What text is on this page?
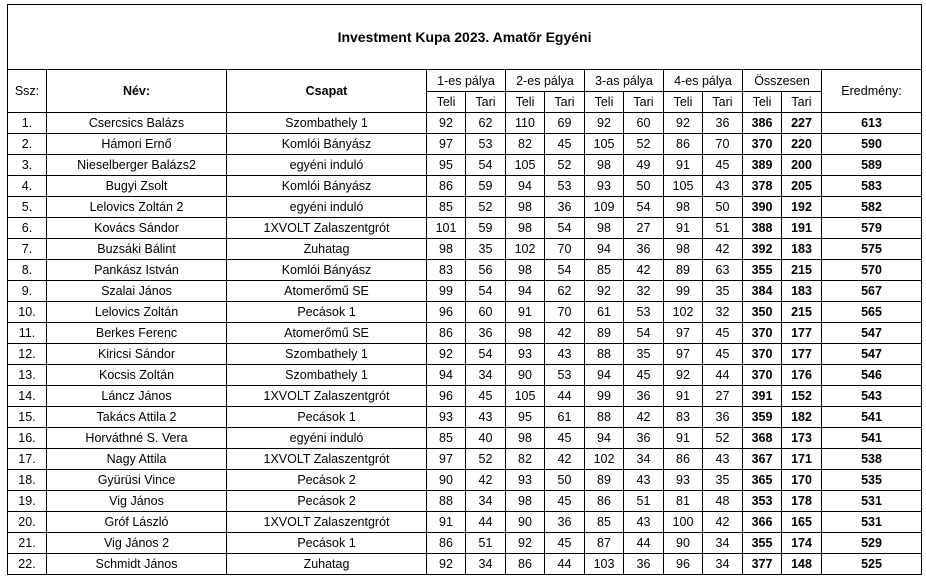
Investment Kupa 2023. Amatőr Egyéni													
Ssz:	Név:	Csapat	1-es pálya		2-es pálya		3-as pálya		4-es pálya		Összesen		Eredmény:
			Teli	Tari	Teli	Tari	Teli	Tari	Teli	Tari	Teli	Tari	
1.	Csercsics Balázs	Szombathely 1	92	62	110	69	92	60	92	36	386	227	613
2.	Hámori Ernő	Komlói Bányász	97	53	82	45	105	52	86	70	370	220	590
3.	Nieselberger Balázs2	egyéni induló	95	54	105	52	98	49	91	45	389	200	589
4.	Bugyi Zsolt	Komlói Bányász	86	59	94	53	93	50	105	43	378	205	583
5.	Lelovics Zoltán 2	egyéni induló	85	52	98	36	109	54	98	50	390	192	582
6.	Kovács Sándor	1XVOLT Zalaszentgrót	101	59	98	54	98	27	91	51	388	191	579
7.	Buzsáki Bálint	Zuhatag	98	35	102	70	94	36	98	42	392	183	575
8.	Pankász István	Komlói Bányász	83	56	98	54	85	42	89	63	355	215	570
9.	Szalai János	Atomerőmű SE	99	54	94	62	92	32	99	35	384	183	567
10.	Lelovics Zoltán	Pecások 1	96	60	91	70	61	53	102	32	350	215	565
11.	Berkes Ferenc	Atomerőmű SE	86	36	98	42	89	54	97	45	370	177	547
12.	Kiricsi Sándor	Szombathely 1	92	54	93	43	88	35	97	45	370	177	547
13.	Kocsis Zoltán	Szombathely 1	94	34	90	53	94	45	92	44	370	176	546
14.	Láncz János	1XVOLT Zalaszentgrót	96	45	105	44	99	36	91	27	391	152	543
15.	Takács Attila 2	Pecások 1	93	43	95	61	88	42	83	36	359	182	541
16.	Horváthné S. Vera	egyéni induló	85	40	98	45	94	36	91	52	368	173	541
17.	Nagy Attila	1XVOLT Zalaszentgrót	97	52	82	42	102	34	86	43	367	171	538
18.	Gyürüsi Vince	Pecások 2	90	42	93	50	89	43	93	35	365	170	535
19.	Vig János	Pecások 2	88	34	98	45	86	51	81	48	353	178	531
20.	Gróf László	1XVOLT Zalaszentgrót	91	44	90	36	85	43	100	42	366	165	531
21.	Vig János 2	Pecások 1	86	51	92	45	87	44	90	34	355	174	529
22.	Schmidt János	Zuhatag	92	34	86	44	103	36	96	34	377	148	525
